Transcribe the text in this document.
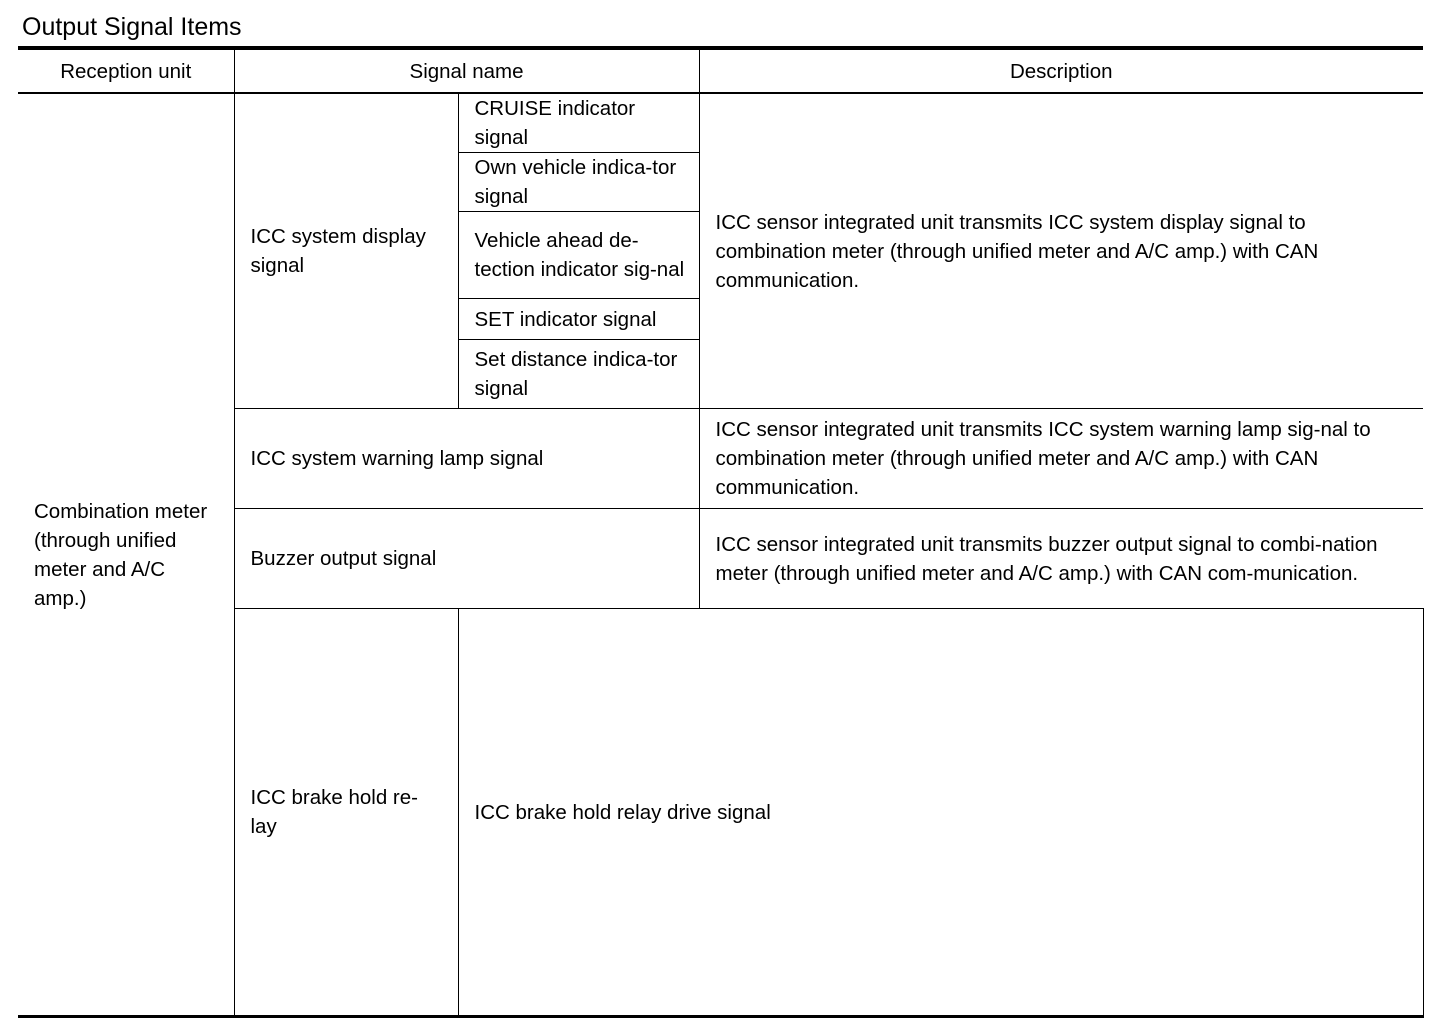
Output Signal Items
Reception unit	Signal name		Description	
Combination meter (through unified meter and A/C amp.)	ICC system display signal	CRUISE indicator signal	ICC sensor integrated unit transmits ICC system display signal to combination meter (through unified meter and A/C amp.) with CAN communication.	
		Own vehicle indica-tor signal		
		Vehicle ahead de-tection indicator sig-nal		
		SET indicator signal		
		Set distance indica-tor signal		
	ICC system warning lamp signal		ICC sensor integrated unit transmits ICC system warning lamp sig-nal to combination meter (through unified meter and A/C amp.) with CAN communication.	
	Buzzer output signal		ICC sensor integrated unit transmits buzzer output signal to combi-nation meter (through unified meter and A/C amp.) with CAN com-munication.	
	ICC brake hold re-lay	ICC brake hold relay drive signal	
